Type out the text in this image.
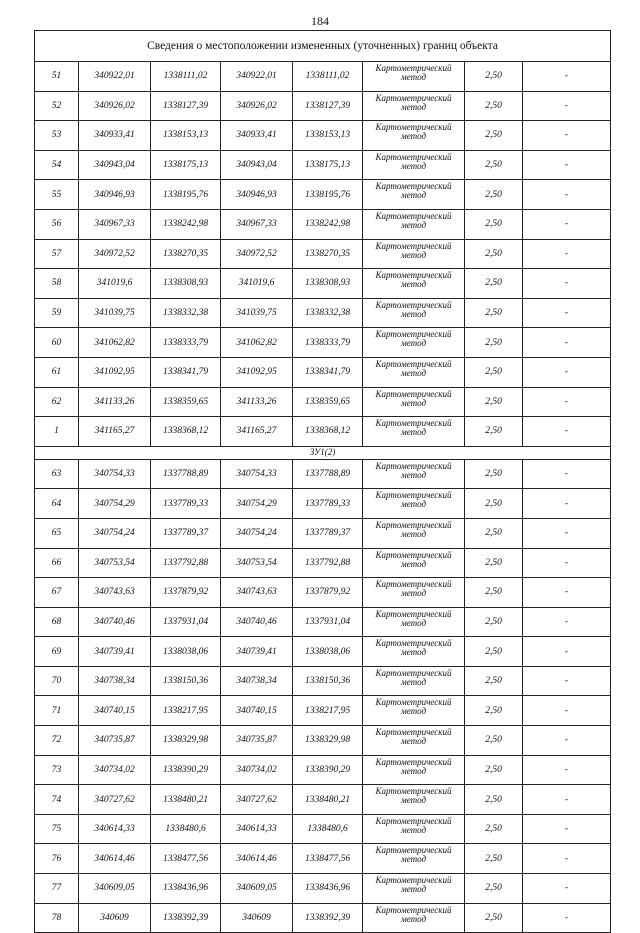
184
Сведения о местоположении измененных (уточненных) границ объекта							
51	340922,01	1338111,02	340922,01	1338111,02	Картометрический метод	2,50	-
52	340926,02	1338127,39	340926,02	1338127,39	Картометрический метод	2,50	-
53	340933,41	1338153,13	340933,41	1338153,13	Картометрический метод	2,50	-
54	340943,04	1338175,13	340943,04	1338175,13	Картометрический метод	2,50	-
55	340946,93	1338195,76	340946,93	1338195,76	Картометрический метод	2,50	-
56	340967,33	1338242,98	340967,33	1338242,98	Картометрический метод	2,50	-
57	340972,52	1338270,35	340972,52	1338270,35	Картометрический метод	2,50	-
58	341019,6	1338308,93	341019,6	1338308,93	Картометрический метод	2,50	-
59	341039,75	1338332,38	341039,75	1338332,38	Картометрический метод	2,50	-
60	341062,82	1338333,79	341062,82	1338333,79	Картометрический метод	2,50	-
61	341092,95	1338341,79	341092,95	1338341,79	Картометрический метод	2,50	-
62	341133,26	1338359,65	341133,26	1338359,65	Картометрический метод	2,50	-
1	341165,27	1338368,12	341165,27	1338368,12	Картометрический метод	2,50	-
ЗУ1(2)							
63	340754,33	1337788,89	340754,33	1337788,89	Картометрический метод	2,50	-
64	340754,29	1337789,33	340754,29	1337789,33	Картометрический метод	2,50	-
65	340754,24	1337789,37	340754,24	1337789,37	Картометрический метод	2,50	-
66	340753,54	1337792,88	340753,54	1337792,88	Картометрический метод	2,50	-
67	340743,63	1337879,92	340743,63	1337879,92	Картометрический метод	2,50	-
68	340740,46	1337931,04	340740,46	1337931,04	Картометрический метод	2,50	-
69	340739,41	1338038,06	340739,41	1338038,06	Картометрический метод	2,50	-
70	340738,34	1338150,36	340738,34	1338150,36	Картометрический метод	2,50	-
71	340740,15	1338217,95	340740,15	1338217,95	Картометрический метод	2,50	-
72	340735,87	1338329,98	340735,87	1338329,98	Картометрический метод	2,50	-
73	340734,02	1338390,29	340734,02	1338390,29	Картометрический метод	2,50	-
74	340727,62	1338480,21	340727,62	1338480,21	Картометрический метод	2,50	-
75	340614,33	1338480,6	340614,33	1338480,6	Картометрический метод	2,50	-
76	340614,46	1338477,56	340614,46	1338477,56	Картометрический метод	2,50	-
77	340609,05	1338436,96	340609,05	1338436,96	Картометрический метод	2,50	-
78	340609	1338392,39	340609	1338392,39	Картометрический метод	2,50	-
